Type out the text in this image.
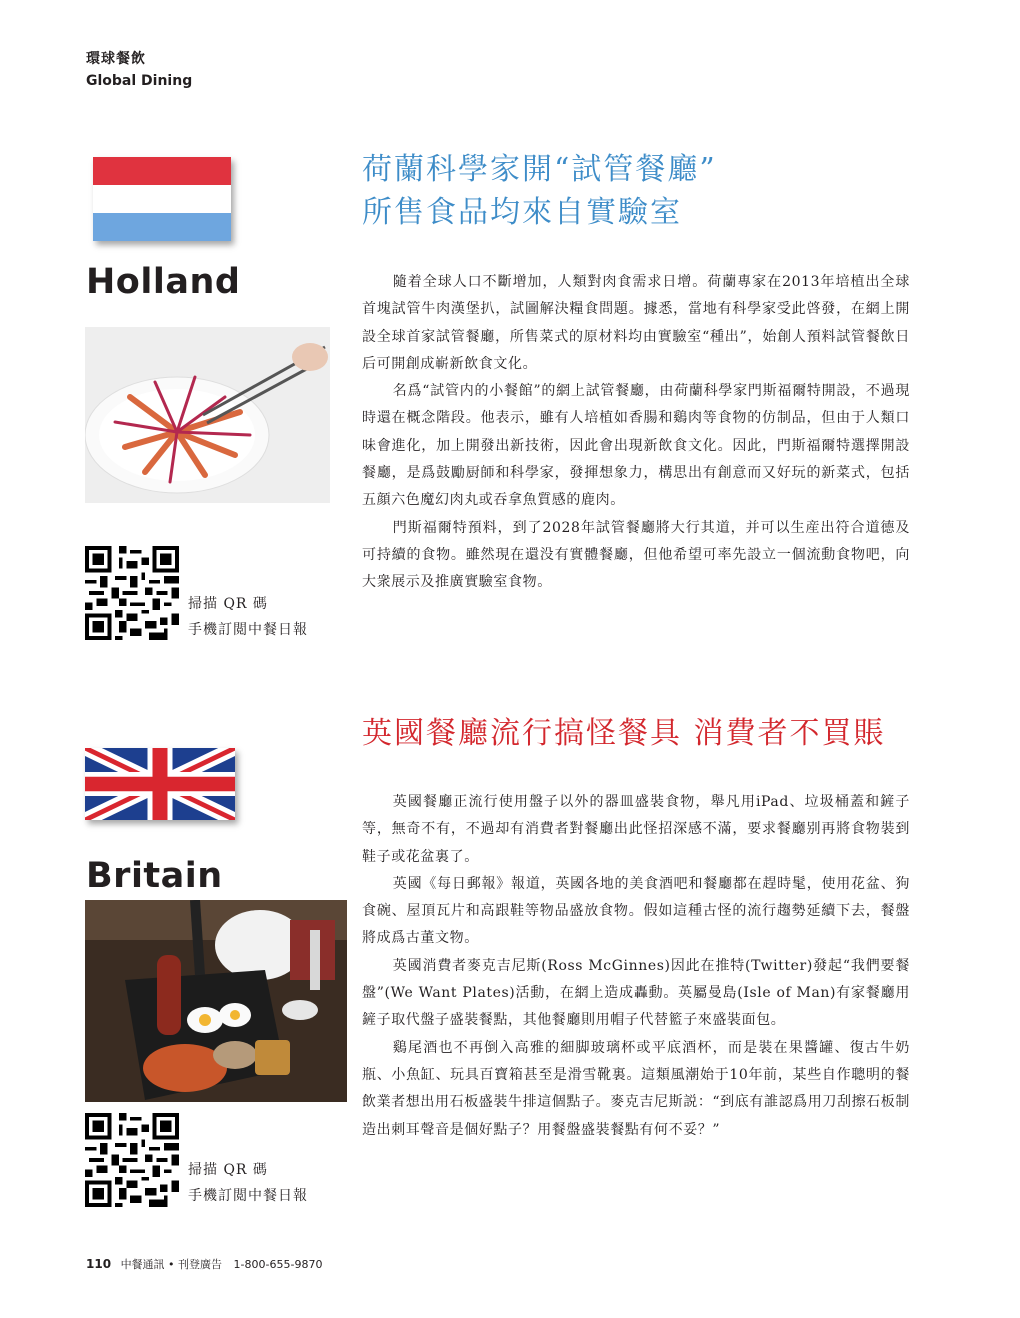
環球餐飲
Global Dining
Holland
掃描 QR 碼
手機訂閲中餐日報
荷蘭科學家開“試管餐廳”
所售食品均來自實驗室

隨着全球人口不斷增加，人類對肉食需求日增。荷蘭專家在2013年培植出全球首塊試管牛肉漢堡扒，試圖解決糧食問題。據悉，當地有科學家受此啓發，在網上開設全球首家試管餐廳，所售菜式的原材料均由實驗室“種出”，始創人預料試管餐飲日后可開創成嶄新飲食文化。

名爲“試管内的小餐館”的網上試管餐廳，由荷蘭科學家門斯福爾特開設，不過現時還在概念階段。他表示，雖有人培植如香腸和鷄肉等食物的仿制品，但由于人類口味會進化，加上開發出新技術，因此會出現新飲食文化。因此，門斯福爾特選擇開設餐廳，是爲鼓勵厨師和科學家，發揮想象力，構思出有創意而又好玩的新菜式，包括五顔六色魔幻肉丸或吞拿魚質感的鹿肉。

門斯福爾特預料，到了2028年試管餐廳將大行其道，并可以生産出符合道德及可持續的食物。雖然現在還没有實體餐廳，但他希望可率先設立一個流動食物吧，向大衆展示及推廣實驗室食物。

Britain
掃描 QR 碼
手機訂閲中餐日報
英國餐廳流行搞怪餐具 消費者不買賬

英國餐廳正流行使用盤子以外的器皿盛裝食物，舉凡用iPad、垃圾桶蓋和鏟子等，無奇不有，不過却有消費者對餐廳出此怪招深感不滿，要求餐廳别再將食物裝到鞋子或花盆裏了。

英國《每日郵報》報道，英國各地的美食酒吧和餐廳都在趕時髦，使用花盆、狗食碗、屋頂瓦片和高跟鞋等物品盛放食物。假如這種古怪的流行趨勢延續下去，餐盤將成爲古董文物。

英國消費者麥克吉尼斯(Ross McGinnes)因此在推特(Twitter)發起“我們要餐盤”(We Want Plates)活動，在網上造成轟動。英屬曼島(Isle of Man)有家餐廳用鏟子取代盤子盛裝餐點，其他餐廳則用帽子代替籃子來盛裝面包。

鷄尾酒也不再倒入高雅的細脚玻璃杯或平底酒杯，而是裝在果醬罐、復古牛奶瓶、小魚缸、玩具百寶箱甚至是滑雪靴裏。這類風潮始于10年前，某些自作聰明的餐飲業者想出用石板盛裝牛排這個點子。麥克吉尼斯説：“到底有誰認爲用刀刮擦石板制造出刺耳聲音是個好點子？用餐盤盛裝餐點有何不妥？”

110 中餐通訊 • 刊登廣告 1-800-655-9870
